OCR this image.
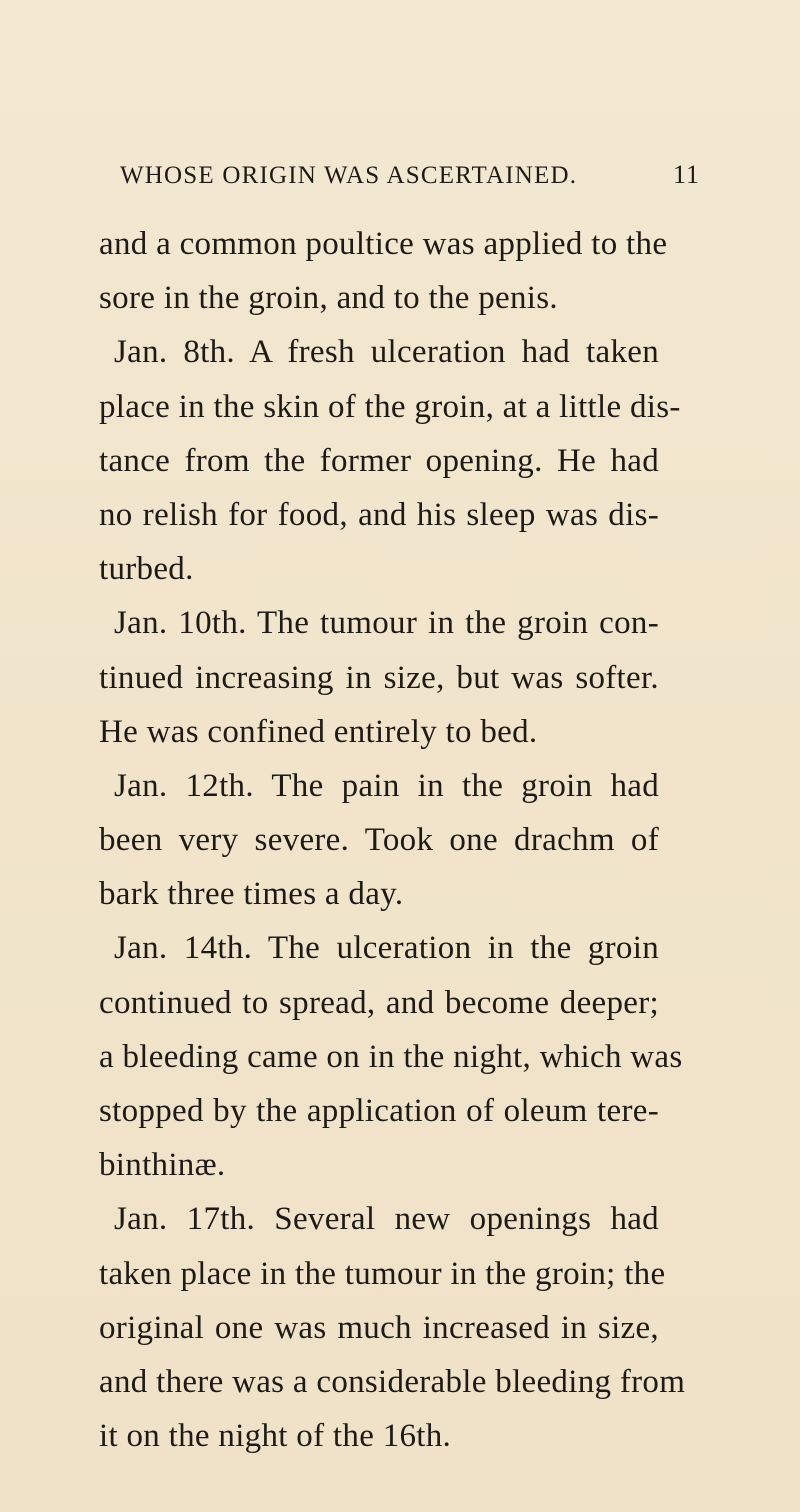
WHOSE ORIGIN WAS ASCERTAINED.	11
and a common poultice was applied to the
sore in the groin, and to the penis.
Jan. 8th. A fresh ulceration had taken
place in the skin of the groin, at a little dis-
tance from the former opening. He had
no relish for food, and his sleep was dis-
turbed.
Jan. 10th. The tumour in the groin con-
tinued increasing in size, but was softer.
He was confined entirely to bed.
Jan. 12th. The pain in the groin had
been very severe. Took one drachm of
bark three times a day.
Jan. 14th. The ulceration in the groin
continued to spread, and become deeper;
a bleeding came on in the night, which was
stopped by the application of oleum tere-
binthinæ.
Jan. 17th. Several new openings had
taken place in the tumour in the groin; the
original one was much increased in size,
and there was a considerable bleeding from
it on the night of the 16th.
